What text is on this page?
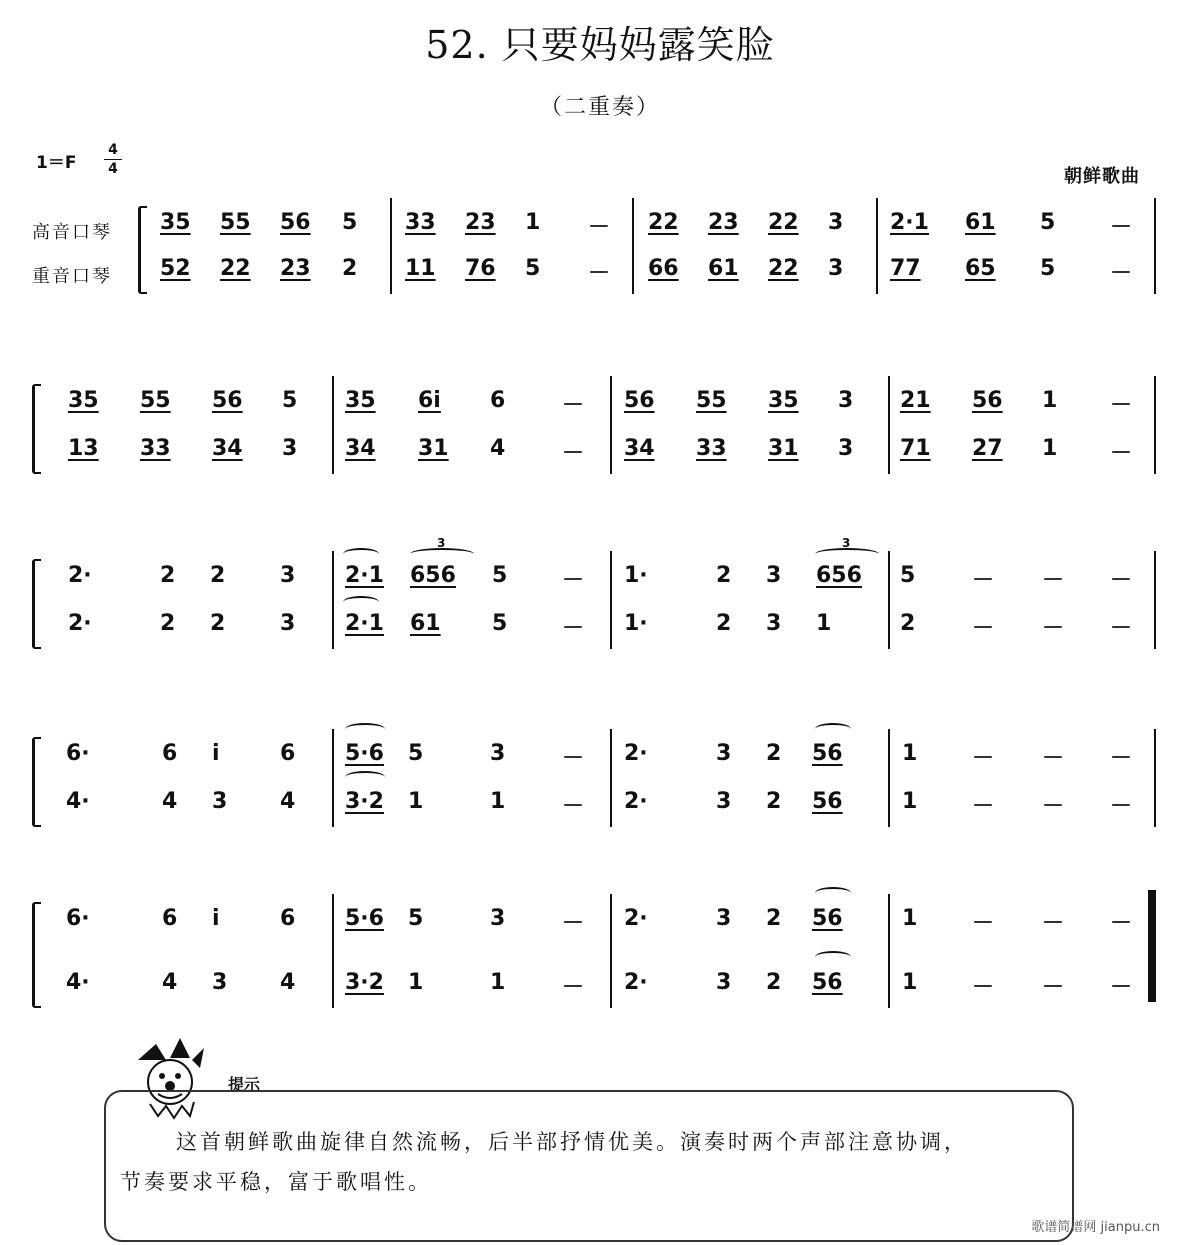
52. 只要妈妈露笑脸
（二重奏）
1＝F
4
4	朝鲜歌曲
高音口琴
重音口琴
35 55 56 5 33 23 1 － 22 23 22 3 2·1 61 5 －
52 22 23 2 11 76 5 － 66 61 22 3 77 65 5 －
35 55 56 5 35 6i 6	－ 56 55 35 3 21 56 1 －
13 33 34 3 34 31 4	－ 34 33 31 3 71 27 1 －
2·	2 2 3 2·1 656 5 － 1·	2 3 656 5	－ － －
2·	2 2 3 2·1 61 5 － 1·	2 3 1	2	－ － －
6·	6 i	6 5·6 5	3	－ 2·	3 2 56	1 － － －
4·	4 3 4 3·2 1	1	－ 2·	3 2 56	1 － － －
6·	6 i	6 5·6 5	3	－ 2·	3 2 56	1 － － －
4·	4 3 4 3·2 1	1	－ 2·	3 2 56	1 － － －
3	3
提示
这首朝鲜歌曲旋律自然流畅，后半部抒情优美。演奏时两个声部注意协调，
节奏要求平稳，富于歌唱性。
歌谱简谱网 jianpu.cn
